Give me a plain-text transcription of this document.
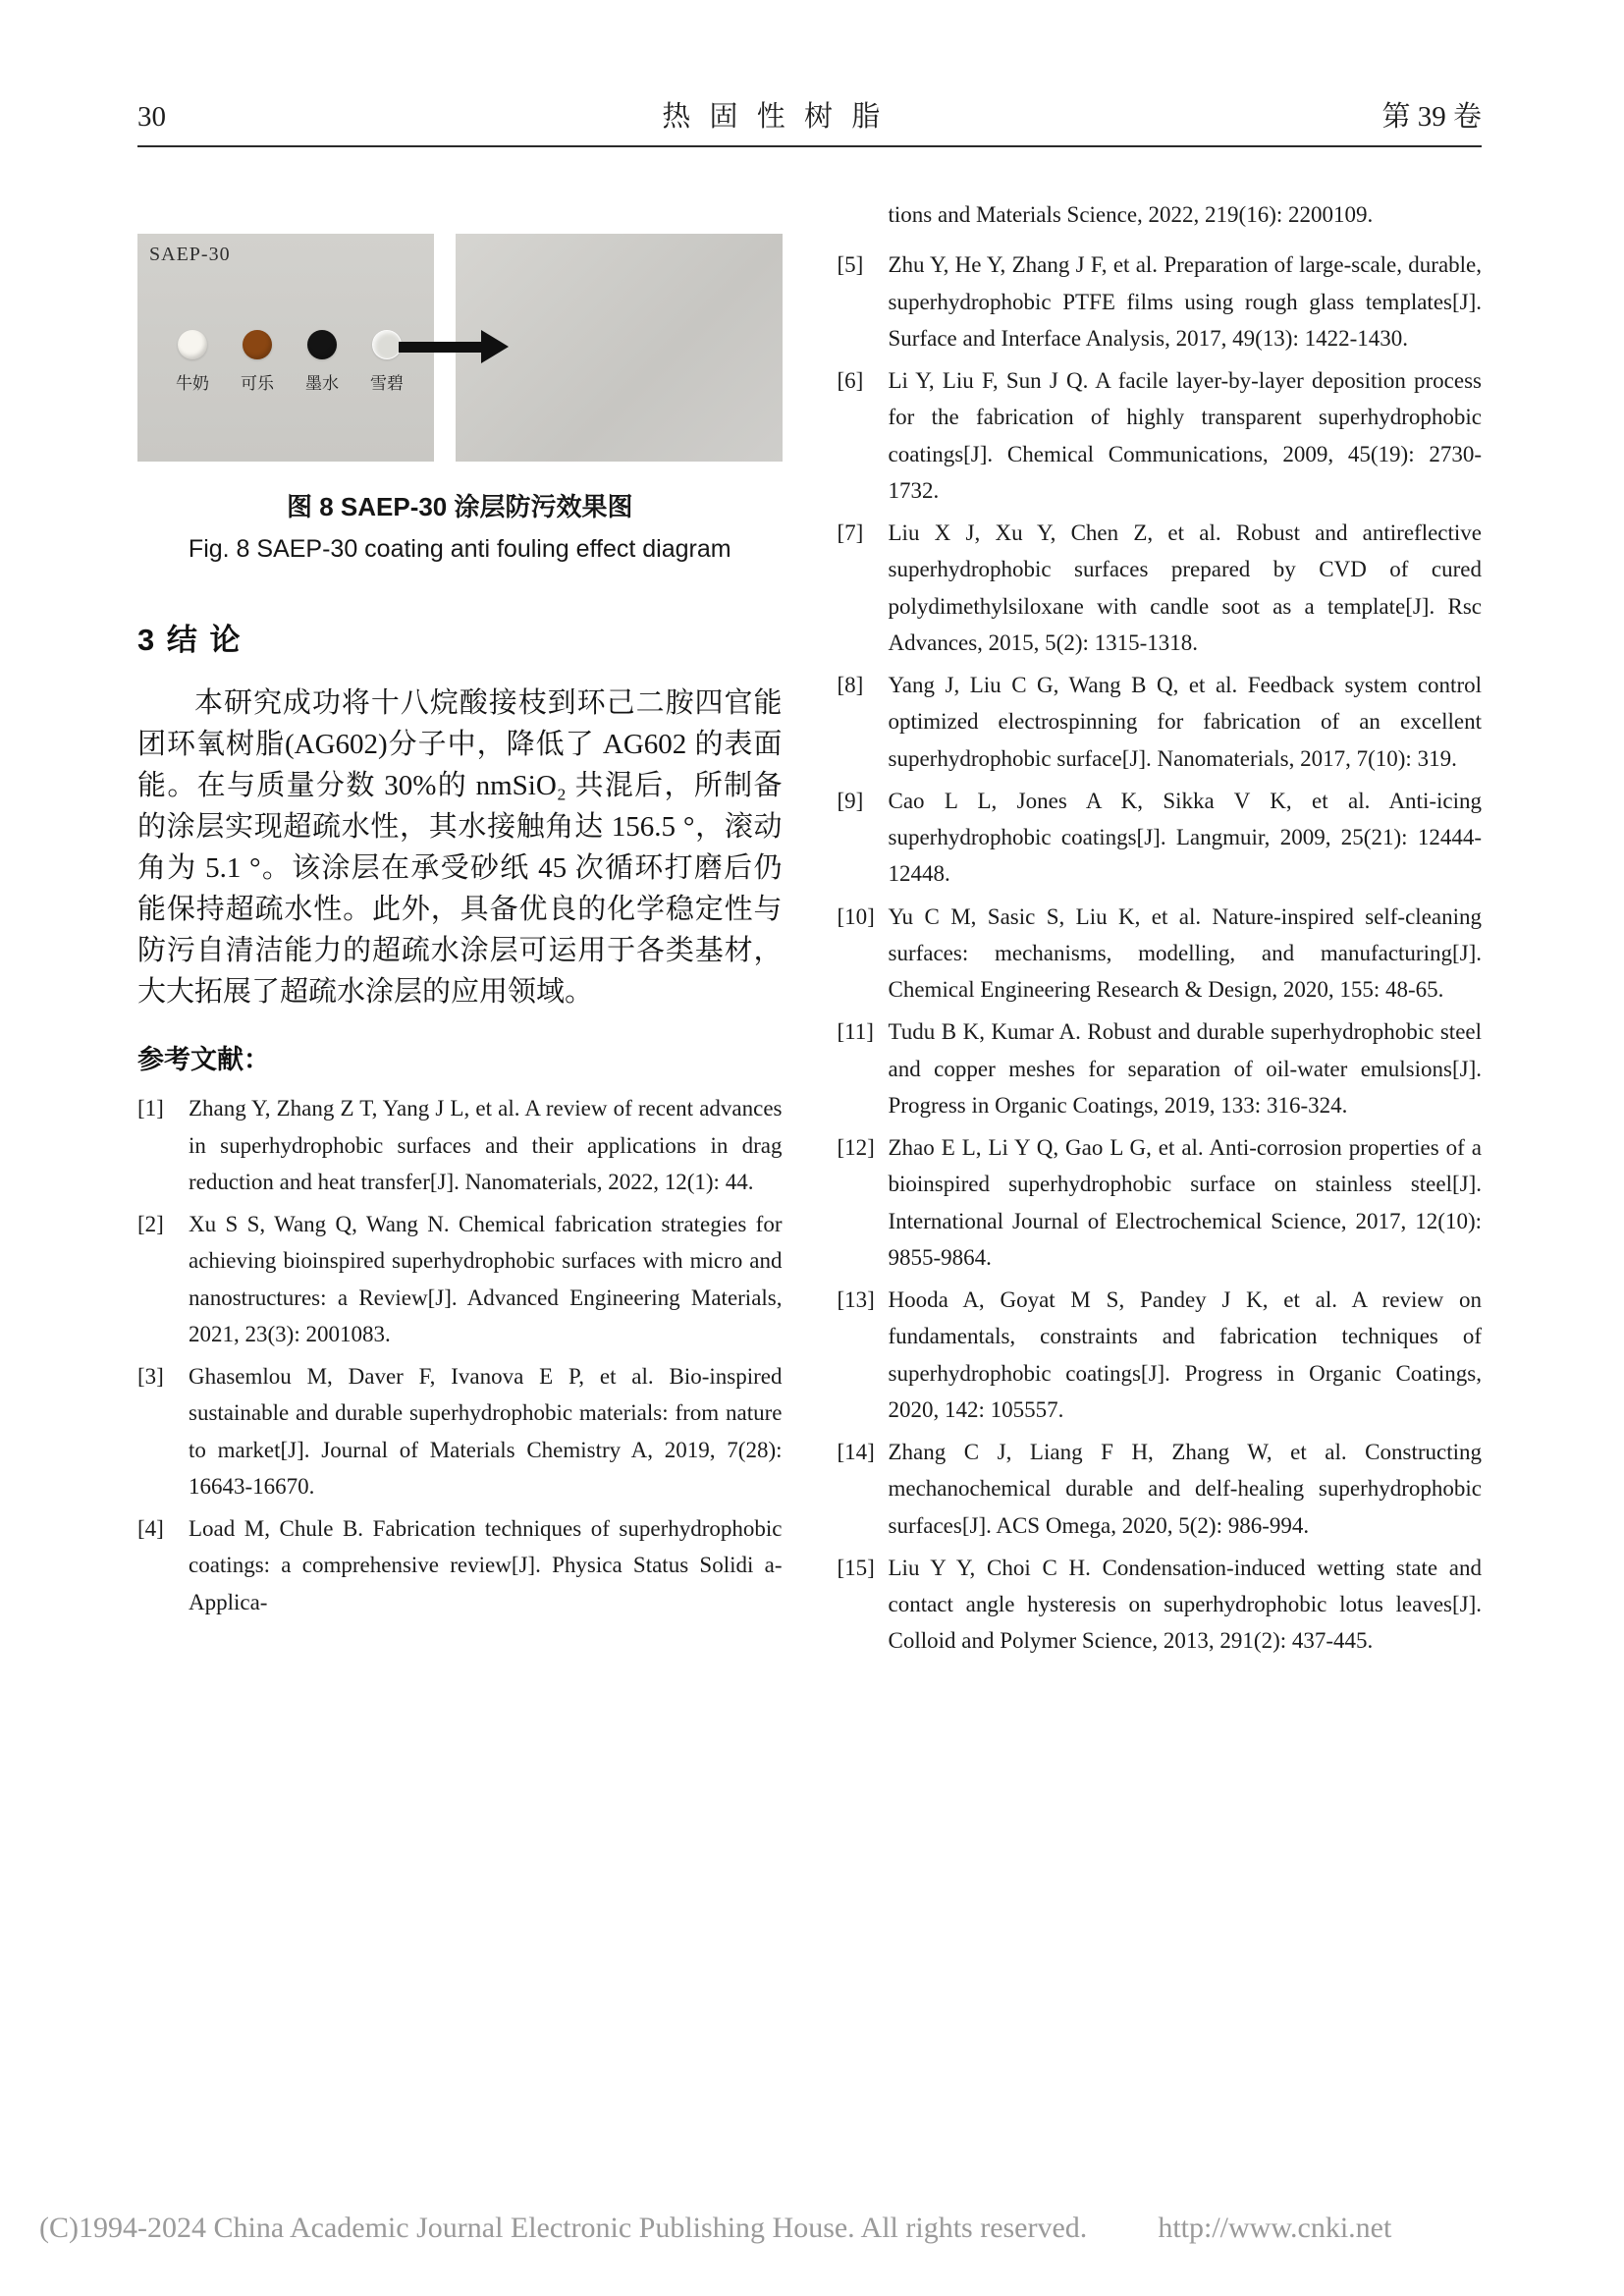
30	热 固 性 树 脂	第 39 卷
SAEP-30
牛奶 可乐 墨水 雪碧
图 8 SAEP-30 涂层防污效果图
Fig. 8 SAEP-30 coating anti fouling effect diagram
3 结 论
本研究成功将十八烷酸接枝到环己二胺四官能团环氧树脂(AG602)分子中，降低了 AG602 的表面能。在与质量分数 30%的 nmSiO₂ 共混后，所制备的涂层实现超疏水性，其水接触角达 156.5 °，滚动角为 5.1 °。该涂层在承受砂纸 45 次循环打磨后仍能保持超疏水性。此外，具备优良的化学稳定性与防污自清洁能力的超疏水涂层可运用于各类基材，大大拓展了超疏水涂层的应用领域。
参考文献：
[1] Zhang Y, Zhang Z T, Yang J L, et al. A review of recent advances in superhydrophobic surfaces and their applications in drag reduction and heat transfer[J]. Nanomaterials, 2022, 12(1): 44.
[2] Xu S S, Wang Q, Wang N. Chemical fabrication strategies for achieving bioinspired superhydrophobic surfaces with micro and nanostructures: a Review[J]. Advanced Engineering Materials, 2021, 23(3): 2001083.
[3] Ghasemlou M, Daver F, Ivanova E P, et al. Bio-inspired sustainable and durable superhydrophobic materials: from nature to market[J]. Journal of Materials Chemistry A, 2019, 7(28): 16643-16670.
[4] Load M, Chule B. Fabrication techniques of superhydrophobic coatings: a comprehensive review[J]. Physica Status Solidi a-Applica-
tions and Materials Science, 2022, 219(16): 2200109.
[5] Zhu Y, He Y, Zhang J F, et al. Preparation of large-scale, durable, superhydrophobic PTFE films using rough glass templates[J]. Surface and Interface Analysis, 2017, 49(13): 1422-1430.
[6] Li Y, Liu F, Sun J Q. A facile layer-by-layer deposition process for the fabrication of highly transparent superhydrophobic coatings[J]. Chemical Communications, 2009, 45(19): 2730-1732.
[7] Liu X J, Xu Y, Chen Z, et al. Robust and antireflective superhydrophobic surfaces prepared by CVD of cured polydimethylsiloxane with candle soot as a template[J]. Rsc Advances, 2015, 5(2): 1315-1318.
[8] Yang J, Liu C G, Wang B Q, et al. Feedback system control optimized electrospinning for fabrication of an excellent superhydrophobic surface[J]. Nanomaterials, 2017, 7(10): 319.
[9] Cao L L, Jones A K, Sikka V K, et al. Anti-icing superhydrophobic coatings[J]. Langmuir, 2009, 25(21): 12444-12448.
[10] Yu C M, Sasic S, Liu K, et al. Nature-inspired self-cleaning surfaces: mechanisms, modelling, and manufacturing[J]. Chemical Engineering Research & Design, 2020, 155: 48-65.
[11] Tudu B K, Kumar A. Robust and durable superhydrophobic steel and copper meshes for separation of oil-water emulsions[J]. Progress in Organic Coatings, 2019, 133: 316-324.
[12] Zhao E L, Li Y Q, Gao L G, et al. Anti-corrosion properties of a bioinspired superhydrophobic surface on stainless steel[J]. International Journal of Electrochemical Science, 2017, 12(10): 9855-9864.
[13] Hooda A, Goyat M S, Pandey J K, et al. A review on fundamentals, constraints and fabrication techniques of superhydrophobic coatings[J]. Progress in Organic Coatings, 2020, 142: 105557.
[14] Zhang C J, Liang F H, Zhang W, et al. Constructing mechanochemical durable and delf-healing superhydrophobic surfaces[J]. ACS Omega, 2020, 5(2): 986-994.
[15] Liu Y Y, Choi C H. Condensation-induced wetting state and contact angle hysteresis on superhydrophobic lotus leaves[J]. Colloid and Polymer Science, 2013, 291(2): 437-445.
(C)1994-2024 China Academic Journal Electronic Publishing House. All rights reserved. http://www.cnki.net
